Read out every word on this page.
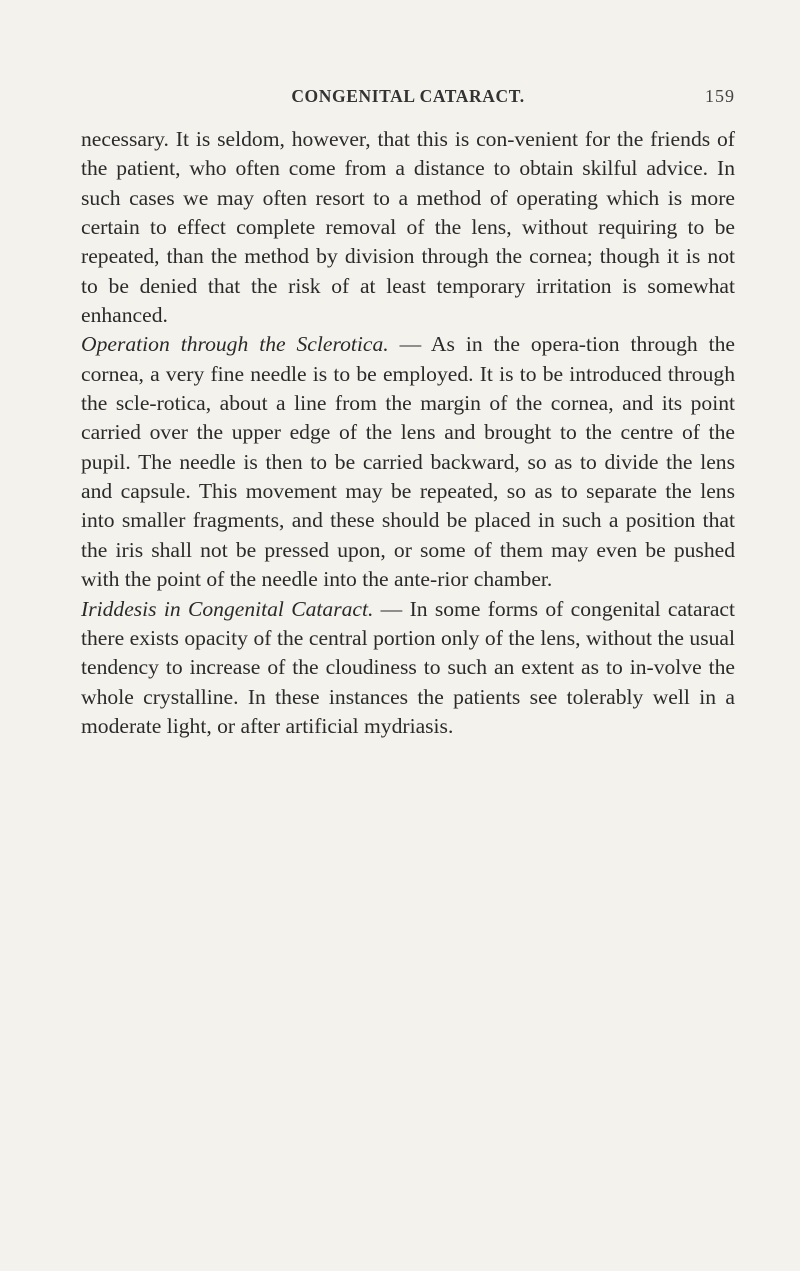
CONGENITAL CATARACT.	159

necessary. It is seldom, however, that this is con-venient for the friends of the patient, who often come from a distance to obtain skilful advice. In such cases we may often resort to a method of operating which is more certain to effect complete removal of the lens, without requiring to be repeated, than the method by division through the cornea; though it is not to be denied that the risk of at least temporary irritation is somewhat enhanced.

Operation through the Sclerotica. — As in the opera-tion through the cornea, a very fine needle is to be employed. It is to be introduced through the scle-rotica, about a line from the margin of the cornea, and its point carried over the upper edge of the lens and brought to the centre of the pupil. The needle is then to be carried backward, so as to divide the lens and capsule. This movement may be repeated, so as to separate the lens into smaller fragments, and these should be placed in such a position that the iris shall not be pressed upon, or some of them may even be pushed with the point of the needle into the ante-rior chamber.

Iriddesis in Congenital Cataract. — In some forms of congenital cataract there exists opacity of the central portion only of the lens, without the usual tendency to increase of the cloudiness to such an extent as to in-volve the whole crystalline. In these instances the patients see tolerably well in a moderate light, or after artificial mydriasis.
